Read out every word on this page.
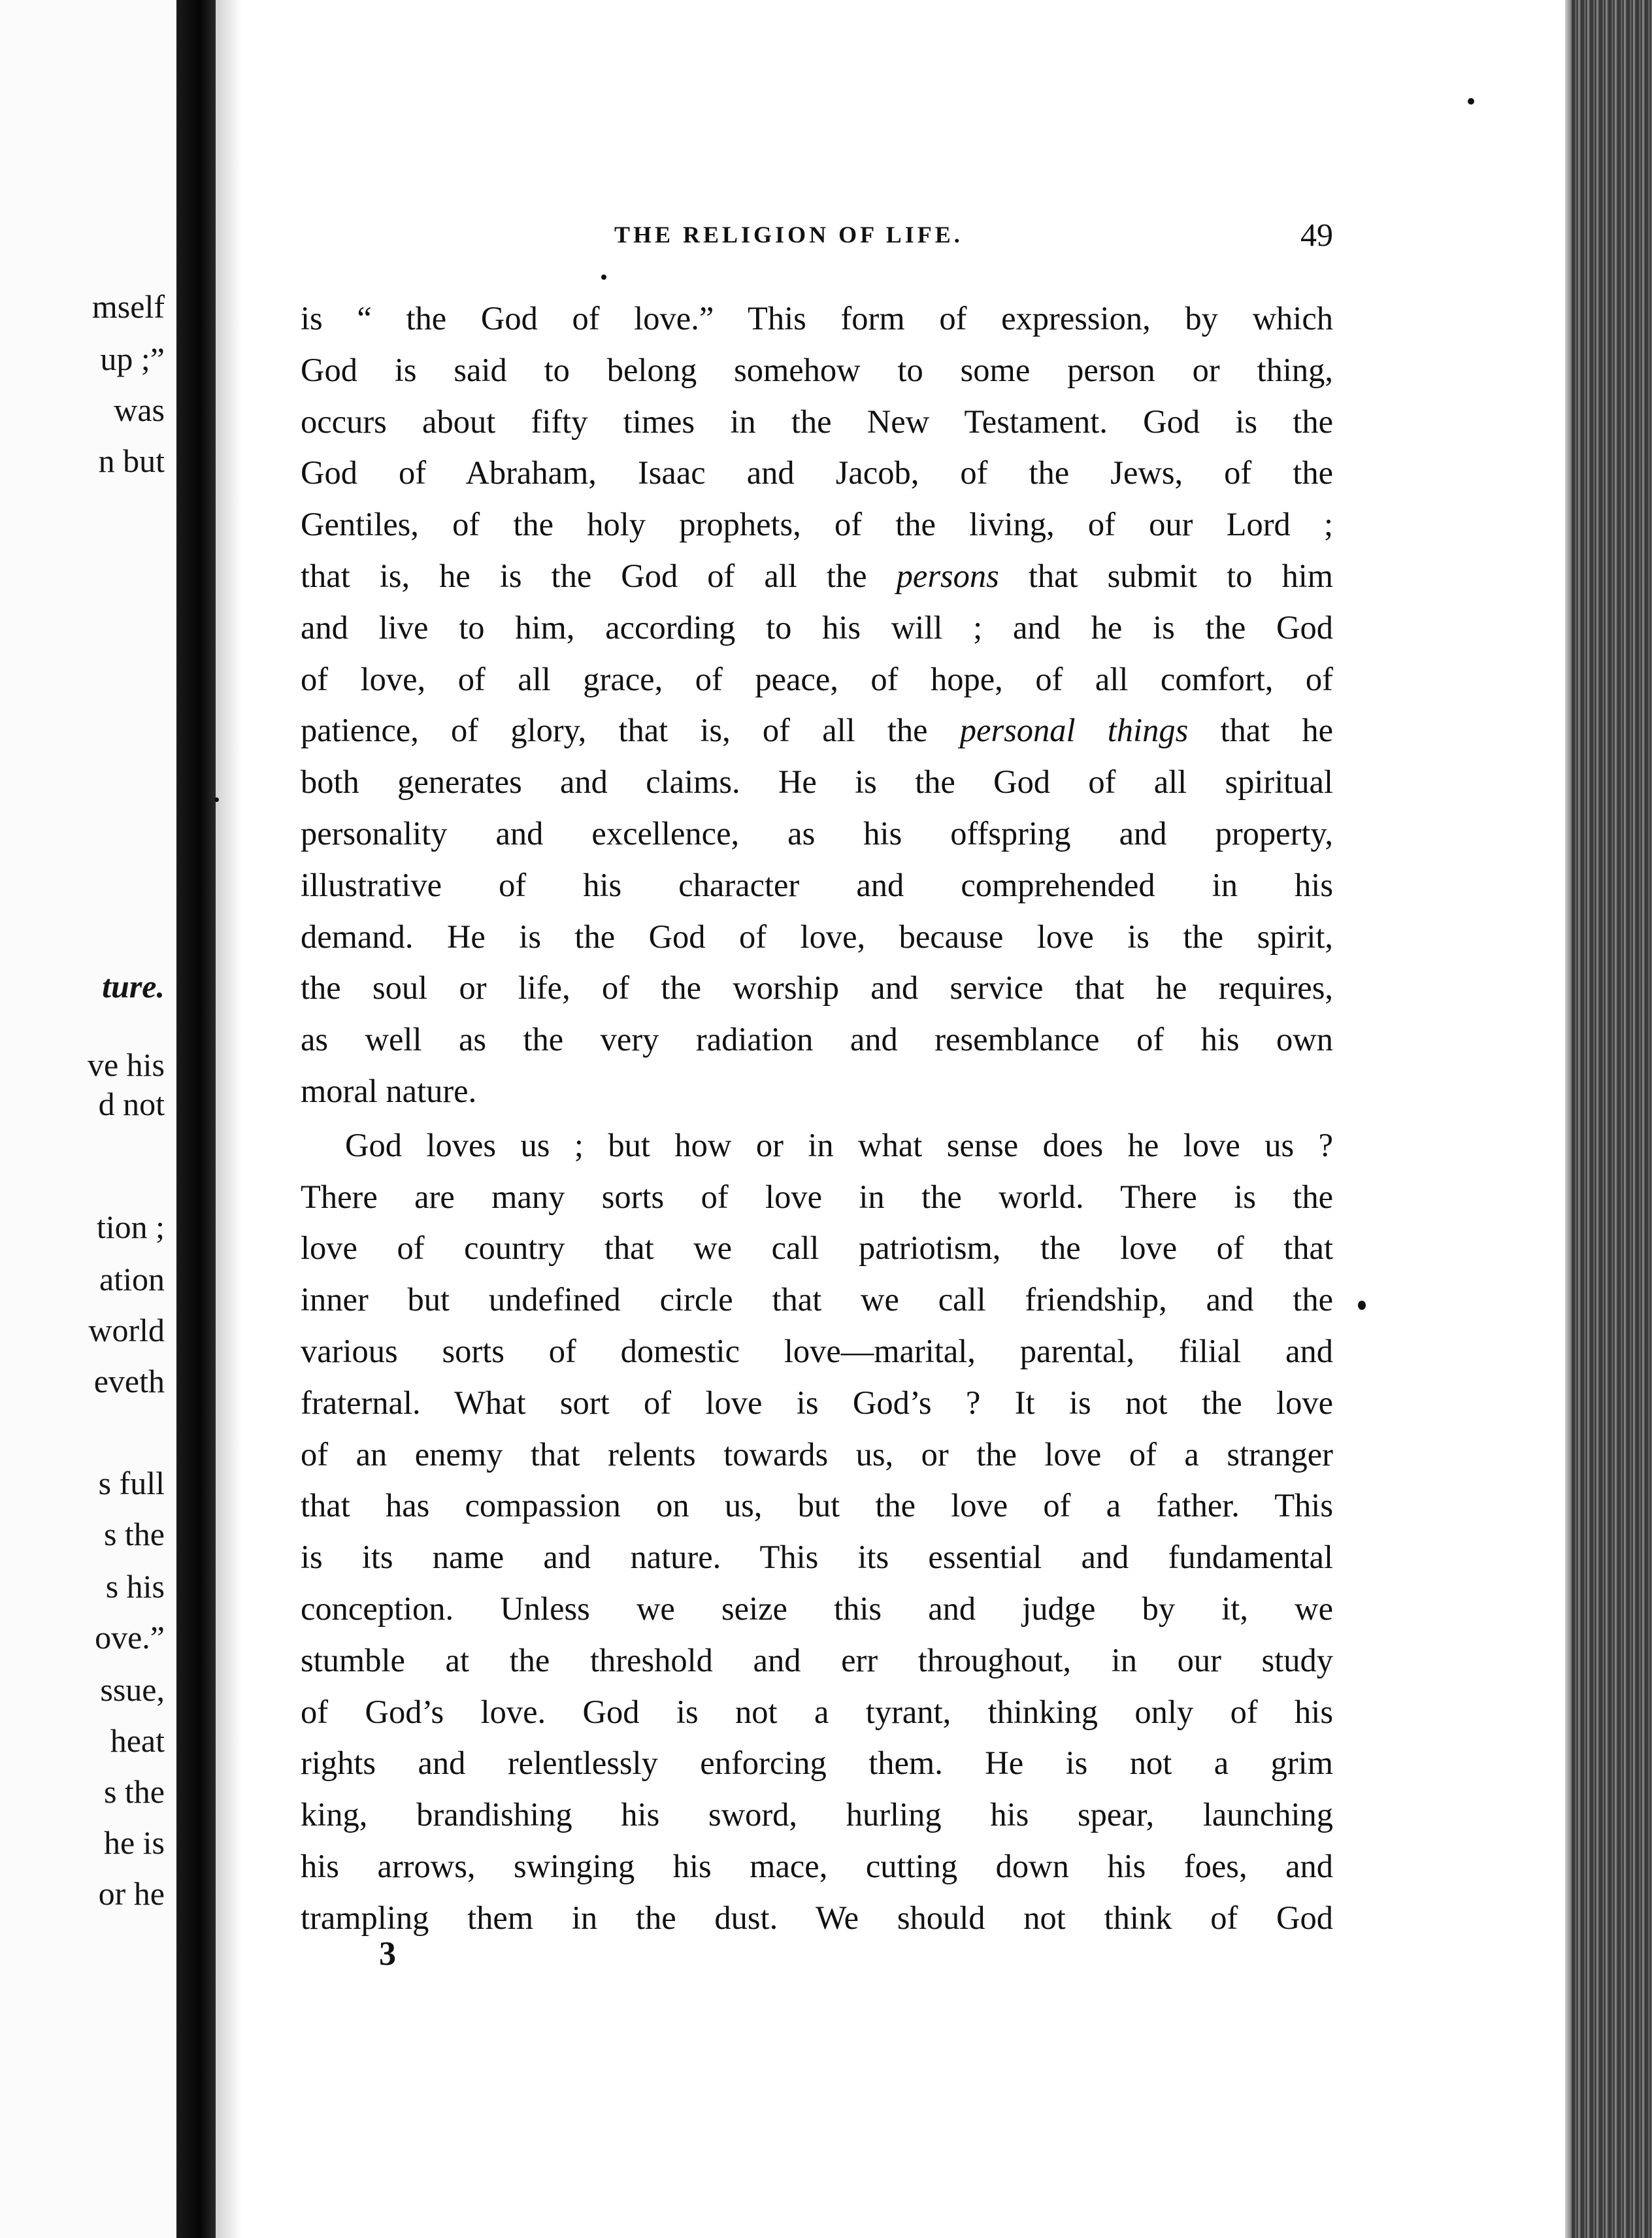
mself
up ;”
was
n but
ture.
ve his
d not
tion ;
ation
world
eveth
s full
s the
s his
ove.”
ssue,
heat
s the
he is
or he
THE RELIGION OF LIFE.	49
is “ the God of love.” This form of expression, by which
God is said to belong somehow to some person or thing,
occurs about fifty times in the New Testament. God is the
God of Abraham, Isaac and Jacob, of the Jews, of the
Gentiles, of the holy prophets, of the living, of our Lord ;
that is, he is the God of all the persons that submit to him
and live to him, according to his will ; and he is the God
of love, of all grace, of peace, of hope, of all comfort, of
patience, of glory, that is, of all the personal things that he
both generates and claims. He is the God of all spiritual
personality and excellence, as his offspring and property,
illustrative of his character and comprehended in his
demand. He is the God of love, because love is the spirit,
the soul or life, of the worship and service that he requires,
as well as the very radiation and resemblance of his own
moral nature.
God loves us ; but how or in what sense does he love us ?
There are many sorts of love in the world. There is the
love of country that we call patriotism, the love of that
inner but undefined circle that we call friendship, and the
various sorts of domestic love—marital, parental, filial and
fraternal. What sort of love is God’s ? It is not the love
of an enemy that relents towards us, or the love of a stranger
that has compassion on us, but the love of a father. This
is its name and nature. This its essential and fundamental
conception. Unless we seize this and judge by it, we
stumble at the threshold and err throughout, in our study
of God’s love. God is not a tyrant, thinking only of his
rights and relentlessly enforcing them. He is not a grim
king, brandishing his sword, hurling his spear, launching
his arrows, swinging his mace, cutting down his foes, and
trampling them in the dust. We should not think of God
3
